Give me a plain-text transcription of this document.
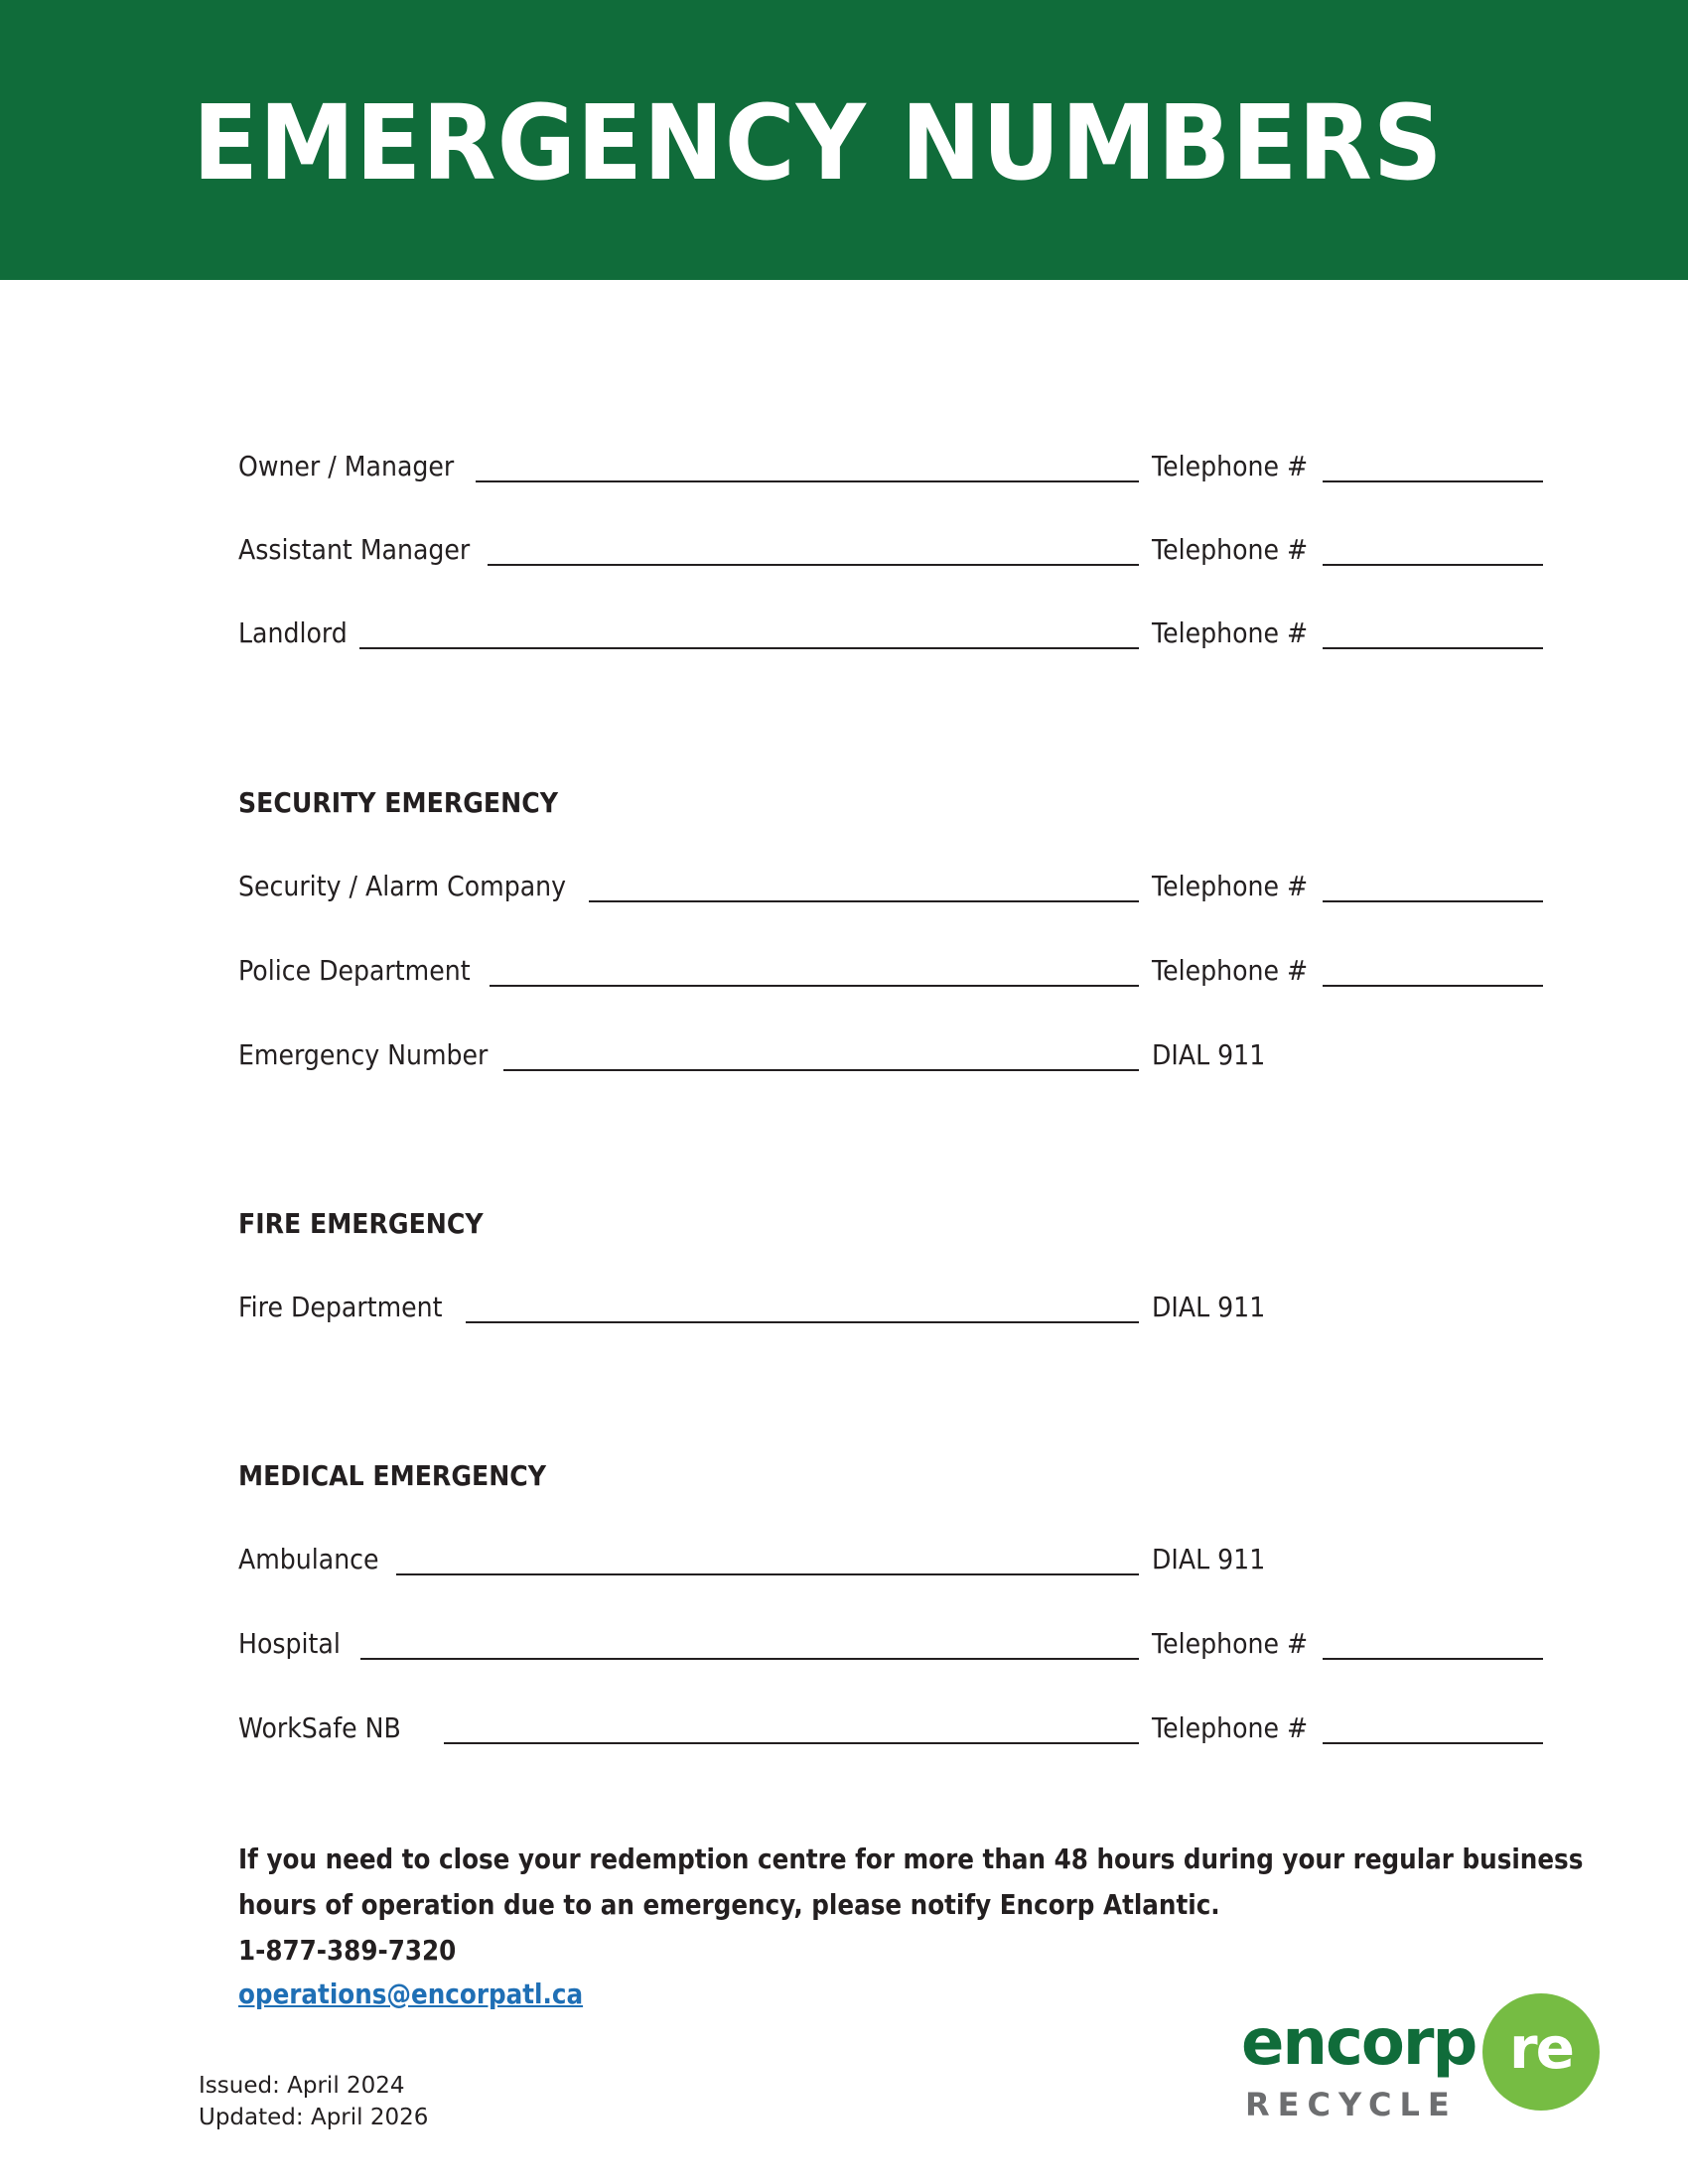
EMERGENCY NUMBERS
Owner / Manager	Telephone #
Assistant Manager	Telephone #
Landlord	Telephone #
SECURITY EMERGENCY
Security / Alarm Company	Telephone #
Police Department	Telephone #
Emergency Number	DIAL 911
FIRE EMERGENCY
Fire Department	DIAL 911
MEDICAL EMERGENCY
Ambulance	DIAL 911
Hospital	Telephone #
WorkSafe NB	Telephone #
If you need to close your redemption centre for more than 48 hours during your regular business
hours of operation due to an emergency, please notify Encorp Atlantic.
1-877-389-7320
operations@encorpatl.ca
Issued: April 2024
Updated: April 2026
encorp re
RECYCLE
